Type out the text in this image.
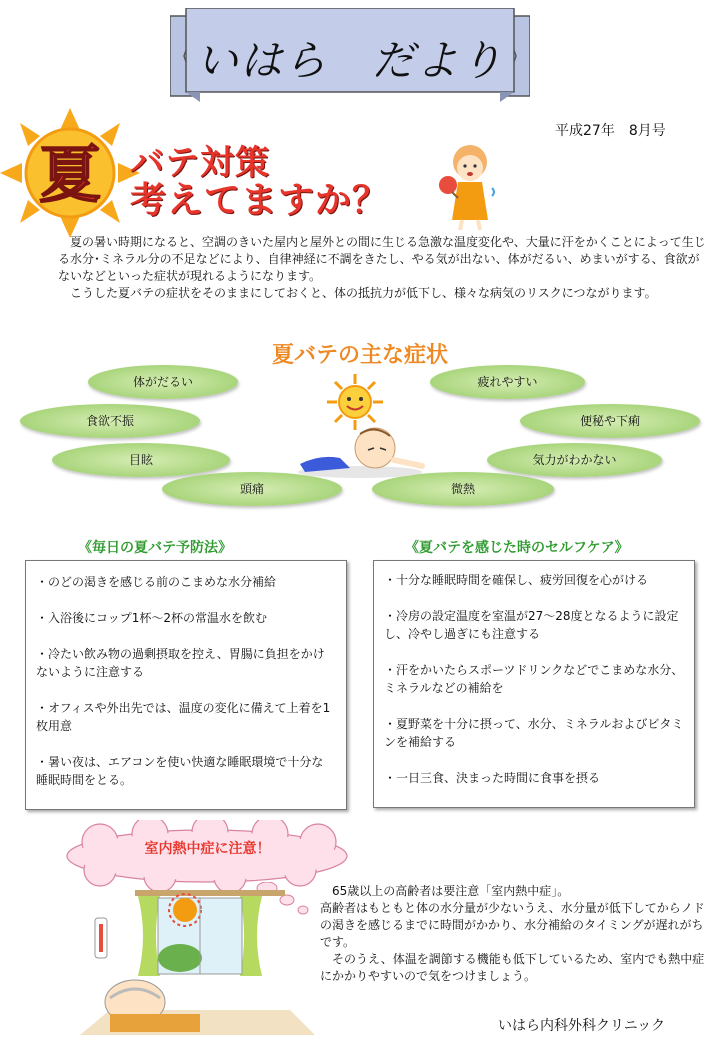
いはら　だより
平成27年　8月号
夏 バテ対策
考えてますか？

　夏の暑い時期になると、空調のきいた屋内と屋外との間に生じる急激な温度変化や、大量に汗をかくことによって生じる水分･ミネラル分の不足などにより、自律神経に不調をきたし、やる気が出ない、体がだるい、めまいがする、食欲がないなどといった症状が現れるようになります。

　こうした夏バテの症状をそのままにしておくと、体の抵抗力が低下し、様々な病気のリスクにつながります。

夏バテの主な症状
体がだるい
食欲不振
目眩
頭痛
疲れやすい
便秘や下痢
気力がわかない
微熱
《毎日の夏バテ予防法》
・のどの渇きを感じる前のこまめな水分補給
・入浴後にコップ1杯～2杯の常温水を飲む
・冷たい飲み物の過剰摂取を控え、胃腸に負担をかけないように注意する
・オフィスや外出先では、温度の変化に備えて上着を1枚用意
・暑い夜は、エアコンを使い快適な睡眠環境で十分な睡眠時間をとる。
《夏バテを感じた時のセルフケア》
・十分な睡眠時間を確保し、疲労回復を心がける
・冷房の設定温度を室温が27～28度となるように設定し、冷やし過ぎにも注意する
・汗をかいたらスポーツドリンクなどでこまめな水分、ミネラルなどの補給を
・夏野菜を十分に摂って、水分、ミネラルおよびビタミンを補給する
・一日三食、決まった時間に食事を摂る
室内熱中症に注意！

　65歳以上の高齢者は要注意「室内熱中症」。

高齢者はもともと体の水分量が少ないうえ、水分量が低下してからノドの渇きを感じるまでに時間がかかり、水分補給のタイミングが遅れがちです。

　そのうえ、体温を調節する機能も低下しているため、室内でも熱中症にかかりやすいので気をつけましょう。

いはら内科外科クリニック
